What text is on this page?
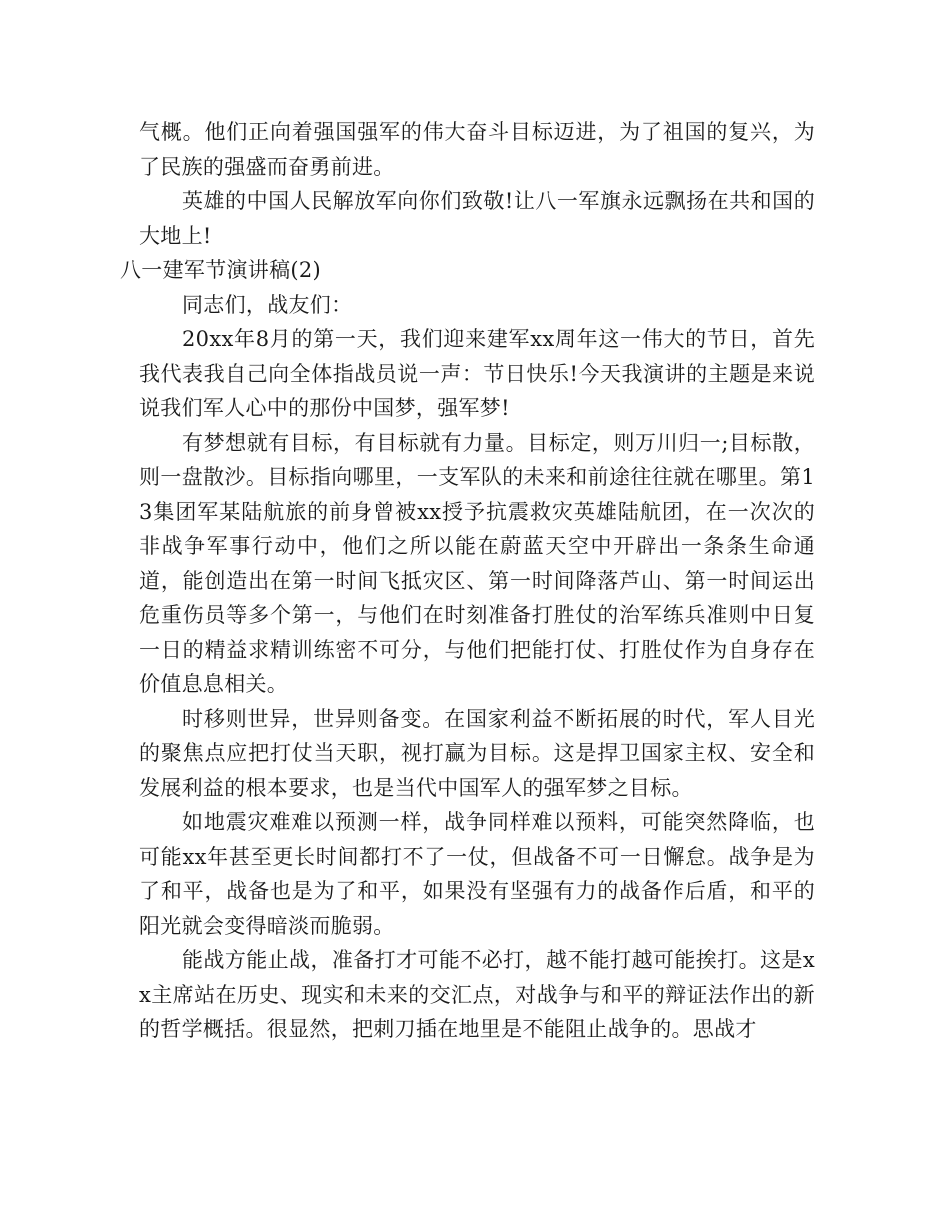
气概。他们正向着强国强军的伟大奋斗目标迈进，为了祖国的复兴，为了民族的强盛而奋勇前进。

英雄的中国人民解放军向你们致敬!让八一军旗永远飘扬在共和国的大地上!

八一建军节演讲稿(2)

同志们，战友们：

20xx年8月的第一天，我们迎来建军xx周年这一伟大的节日，首先我代表我自己向全体指战员说一声：节日快乐!今天我演讲的主题是来说说我们军人心中的那份中国梦，强军梦!

有梦想就有目标，有目标就有力量。目标定，则万川归一;目标散，则一盘散沙。目标指向哪里，一支军队的未来和前途往往就在哪里。第13集团军某陆航旅的前身曾被xx授予抗震救灾英雄陆航团，在一次次的非战争军事行动中，他们之所以能在蔚蓝天空中开辟出一条条生命通道，能创造出在第一时间飞抵灾区、第一时间降落芦山、第一时间运出危重伤员等多个第一，与他们在时刻准备打胜仗的治军练兵准则中日复一日的精益求精训练密不可分，与他们把能打仗、打胜仗作为自身存在价值息息相关。

时移则世异，世异则备变。在国家利益不断拓展的时代，军人目光的聚焦点应把打仗当天职，视打赢为目标。这是捍卫国家主权、安全和发展利益的根本要求，也是当代中国军人的强军梦之目标。

如地震灾难难以预测一样，战争同样难以预料，可能突然降临，也可能xx年甚至更长时间都打不了一仗，但战备不可一日懈怠。战争是为了和平，战备也是为了和平，如果没有坚强有力的战备作后盾，和平的阳光就会变得暗淡而脆弱。

能战方能止战，准备打才可能不必打，越不能打越可能挨打。这是xx主席站在历史、现实和未来的交汇点，对战争与和平的辩证法作出的新的哲学概括。很显然，把刺刀插在地里是不能阻止战争的。思战才
